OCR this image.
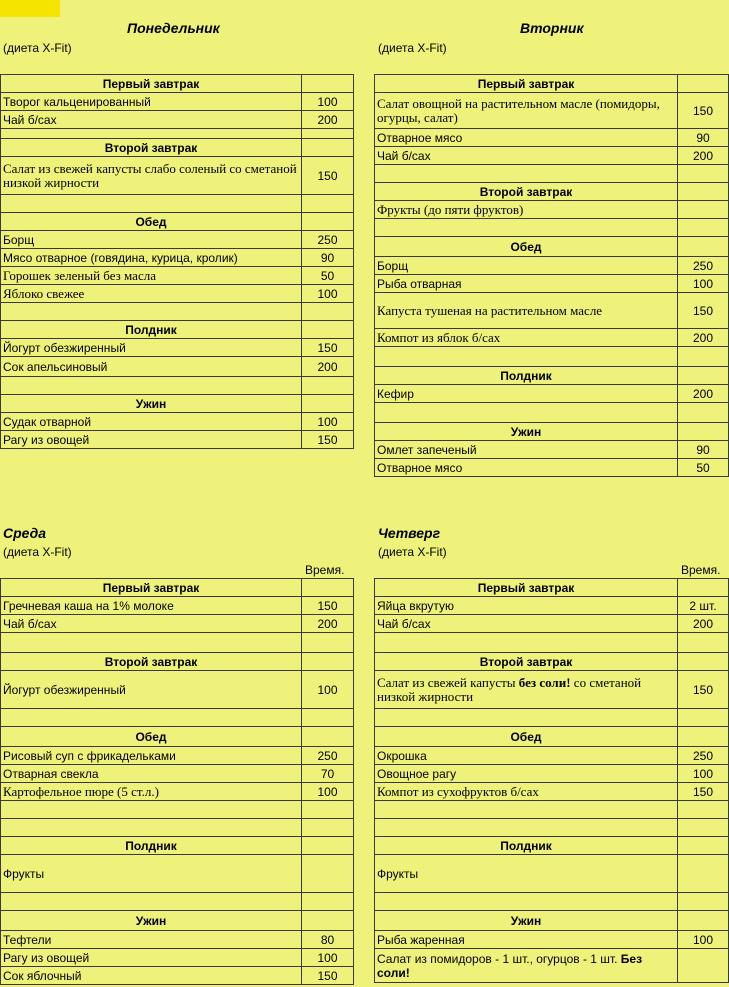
Понедельник
(диета X-Fit)
Первый завтрак	
Творог кальценированный	100
Чай б/сах	200

Второй завтрак	
Салат из свежей капусты слабо соленый со сметаной низкой жирности	150

Обед	
Борщ	250
Мясо отварное (говядина, курица, кролик)	90
Горошек зеленый без масла	50
Яблоко свежее	100

Полдник	
Йогурт обезжиренный	150
Сок апельсиновый	200

Ужин	
Судак отварной	100
Рагу из овощей	150
Вторник
(диета X-Fit)
Первый завтрак	
Салат овощной на растительном масле (помидоры, огурцы, салат)	150
Отварное мясо	90
Чай б/сах	200

Второй завтрак	
Фрукты (до пяти фруктов)	

Обед	
Борщ	250
Рыба отварная	100
Капуста тушеная на растительном масле	150
Компот из яблок б/сах	200

Полдник	
Кефир	200

Ужин	
Омлет запеченый	90
Отварное мясо	50
Среда
(диета X-Fit)
Время.
Первый завтрак	
Гречневая каша на 1% молоке	150
Чай б/сах	200

Второй завтрак	
Йогурт обезжиренный	100

Обед	
Рисовый суп с фрикадельками	250
Отварная свекла	70
Картофельное пюре (5 ст.л.)	100

Полдник	
Фрукты	

Ужин	
Тефтели	80
Рагу из овощей	100
Сок яблочный	150
Четверг
(диета X-Fit)
Время.
Первый завтрак	
Яйца вкрутую	2 шт.
Чай б/сах	200

Второй завтрак	
Салат из свежей капусты без соли! со сметаной низкой жирности	150

Обед	
Окрошка	250
Овощное рагу	100
Компот из сухофруктов б/сах	150

Полдник	
Фрукты	

Ужин	
Рыба жаренная	100
Салат из помидоров - 1 шт., огурцов - 1 шт. Без соли!	
